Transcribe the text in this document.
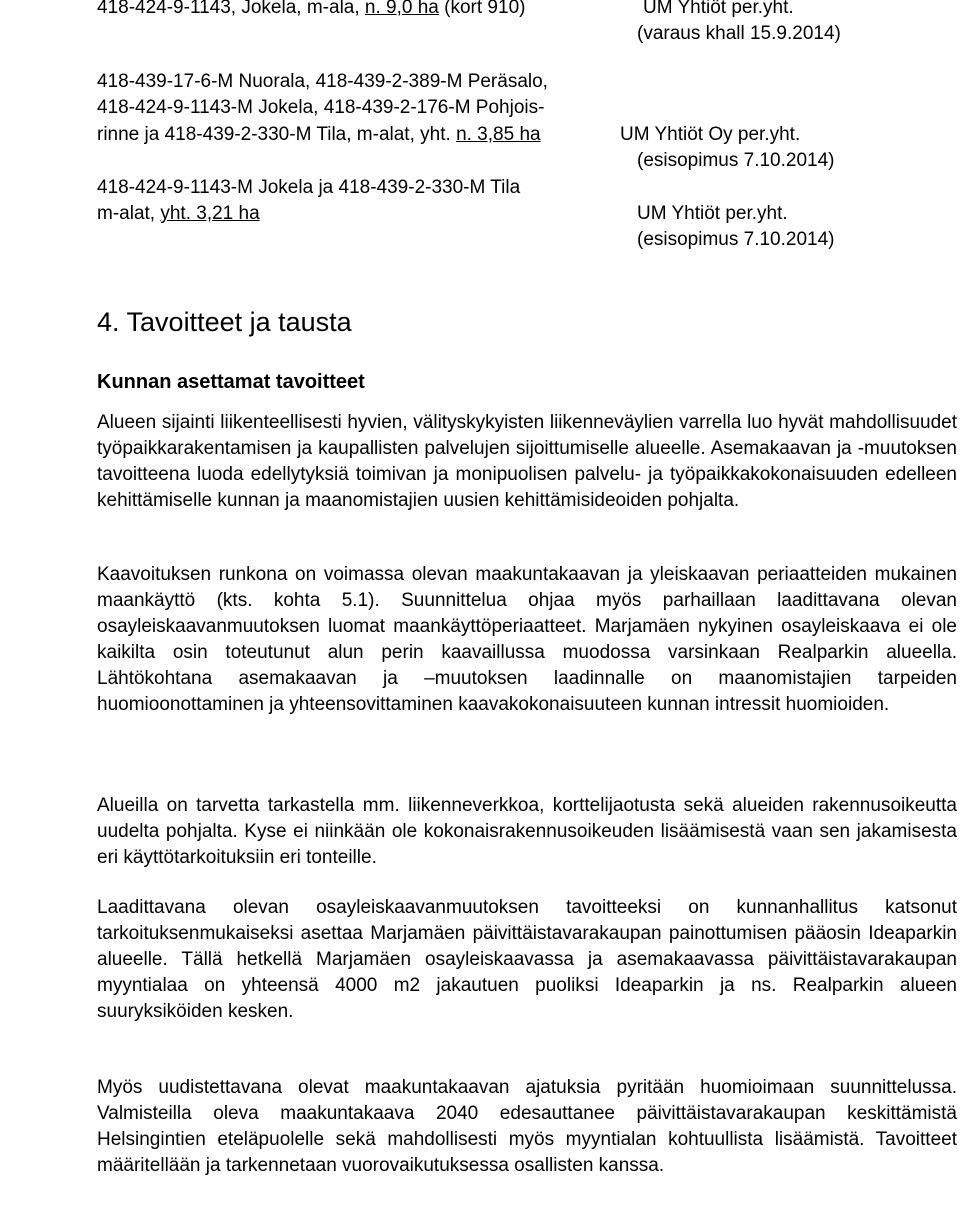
418-424-9-1143, Jokela, m-ala, n. 9,0 ha (kort 910)	UM Yhtiöt per.yht.
(varaus khall 15.9.2014)
418-439-17-6-M Nuorala, 418-439-2-389-M Peräsalo,
418-424-9-1143-M Jokela, 418-439-2-176-M Pohjois-
rinne ja 418-439-2-330-M Tila, m-alat, yht. n. 3,85 ha	UM Yhtiöt Oy per.yht.
(esisopimus 7.10.2014)
418-424-9-1143-M Jokela ja 418-439-2-330-M Tila
m-alat, yht. 3,21 ha	UM Yhtiöt per.yht.
(esisopimus 7.10.2014)
4. Tavoitteet ja tausta
Kunnan asettamat tavoitteet

Alueen sijainti liikenteellisesti hyvien, välityskykyisten liikenneväylien varrella luo hyvät mahdollisuudet työpaikkarakentamisen ja kaupallisten palvelujen sijoittumiselle alueelle. Asemakaavan ja -muutoksen tavoitteena luoda edellytyksiä toimivan ja monipuolisen palvelu- ja työpaikkakokonaisuuden edelleen kehittämiselle kunnan ja maanomistajien uusien kehittämisideoiden pohjalta.

Kaavoituksen runkona on voimassa olevan maakuntakaavan ja yleiskaavan periaatteiden mukainen maankäyttö (kts. kohta 5.1). Suunnittelua ohjaa myös parhaillaan laadittavana olevan osayleiskaavanmuutoksen luomat maankäyttöperiaatteet. Marjamäen nykyinen osayleiskaava ei ole kaikilta osin toteutunut alun perin kaavaillussa muodossa varsinkaan Realparkin alueella. Lähtökohtana asemakaavan ja –muutoksen laadinnalle on maanomistajien tarpeiden huomioonottaminen ja yhteensovittaminen kaavakokonaisuuteen kunnan intressit huomioiden.

Alueilla on tarvetta tarkastella mm. liikenneverkkoa, korttelijaotusta sekä alueiden rakennusoikeutta uudelta pohjalta. Kyse ei niinkään ole kokonaisrakennusoikeuden lisäämisestä vaan sen jakamisesta eri käyttötarkoituksiin eri tonteille.

Laadittavana olevan osayleiskaavanmuutoksen tavoitteeksi on kunnanhallitus katsonut tarkoituksenmukaiseksi asettaa Marjamäen päivittäistavarakaupan painottumisen pääosin Ideaparkin alueelle. Tällä hetkellä Marjamäen osayleiskaavassa ja asemakaavassa päivittäistavarakaupan myyntialaa on yhteensä 4000 m2 jakautuen puoliksi Ideaparkin ja ns. Realparkin alueen suuryksiköiden kesken.

Myös uudistettavana olevat maakuntakaavan ajatuksia pyritään huomioimaan suunnittelussa. Valmisteilla oleva maakuntakaava 2040 edesauttanee päivittäistavarakaupan keskittämistä Helsingintien eteläpuolelle sekä mahdollisesti myös myyntialan kohtuullista lisäämistä. Tavoitteet määritellään ja tarkennetaan vuorovaikutuksessa osallisten kanssa.
